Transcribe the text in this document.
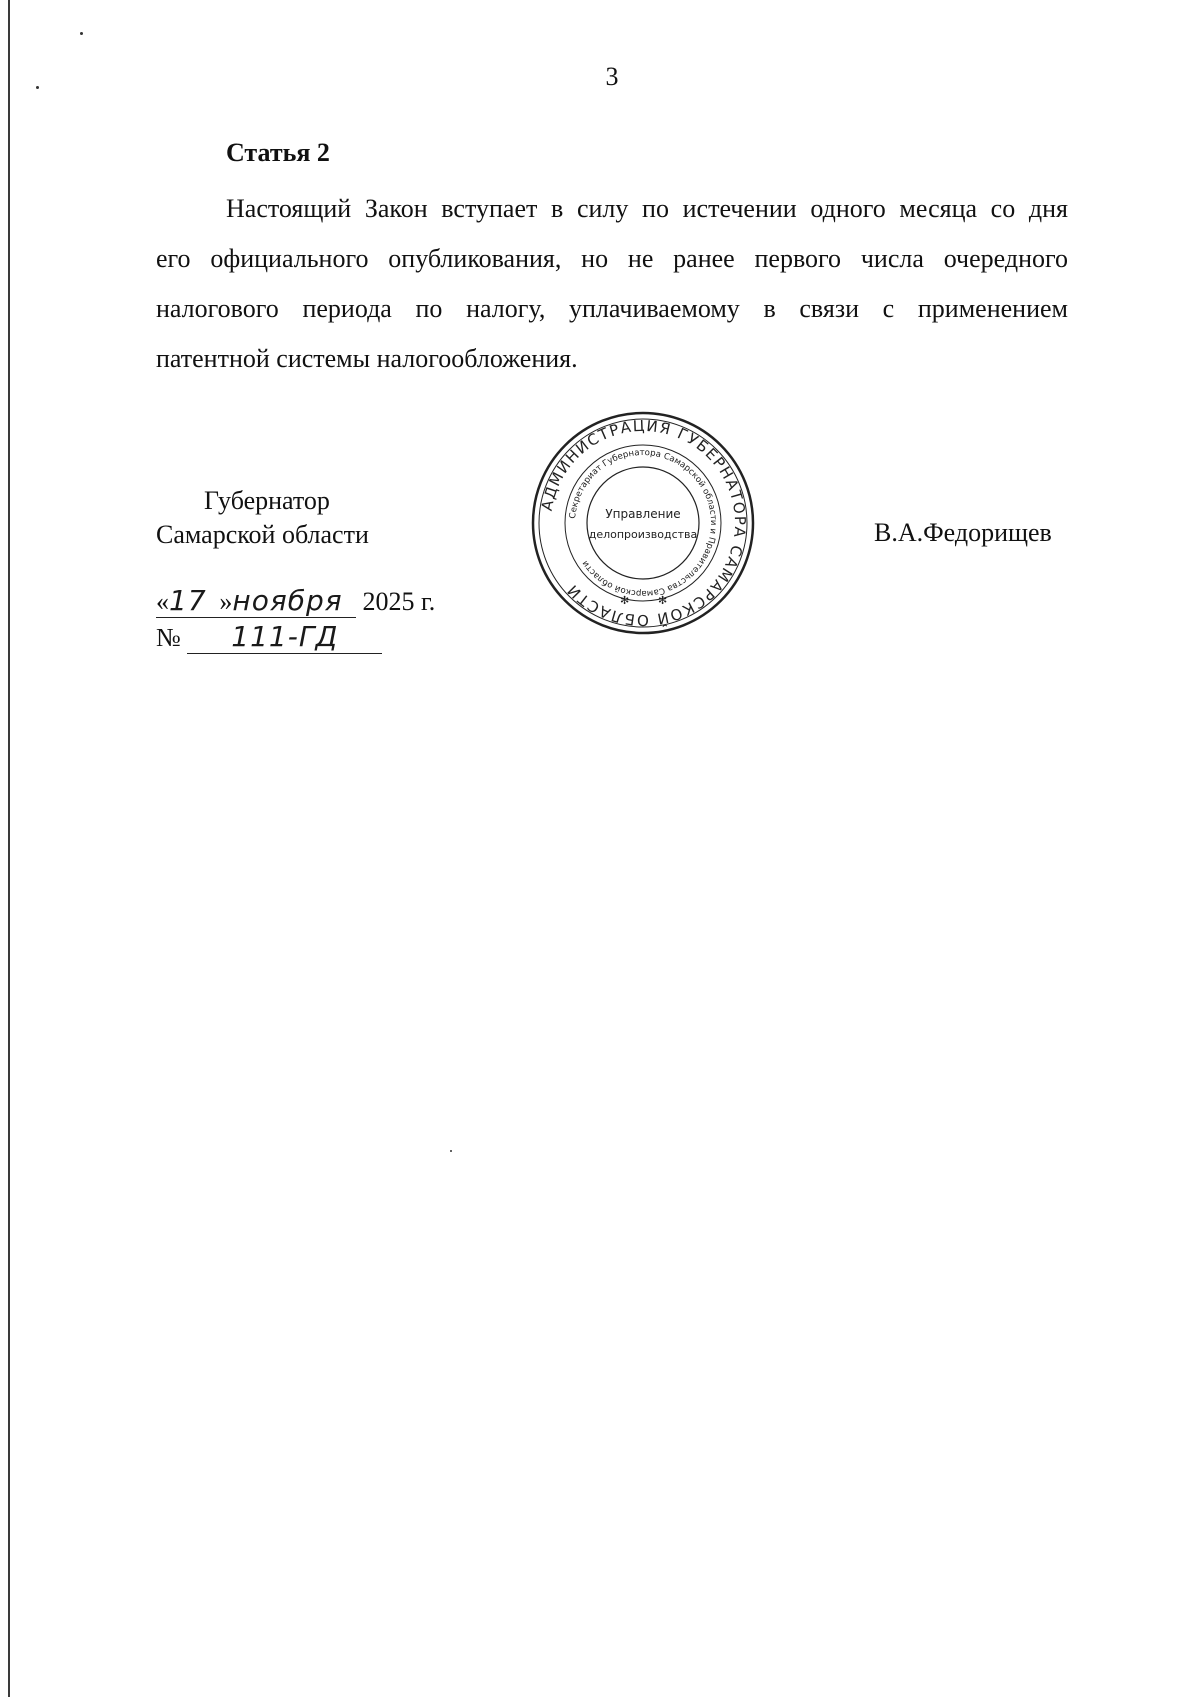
3
Статья 2
Настоящий Закон вступает в силу по истечении одного месяца со дня
его официального опубликования, но не ранее первого числа очередного
налогового периода по налогу, уплачиваемому в связи с применением
патентной системы налогообложения.
Губернатор
Самарской области
АДМИНИСТРАЦИЯ ГУБЕРНАТОРА САМАРСКОЙ ОБЛАСТИ
Секретариат Губернатора Самарской области и Правительства Самарской области
Управление
делопроизводства
✻	✻
В.А.Федорищев
«17 »ноября 2025 г.
№ 111-ГД
